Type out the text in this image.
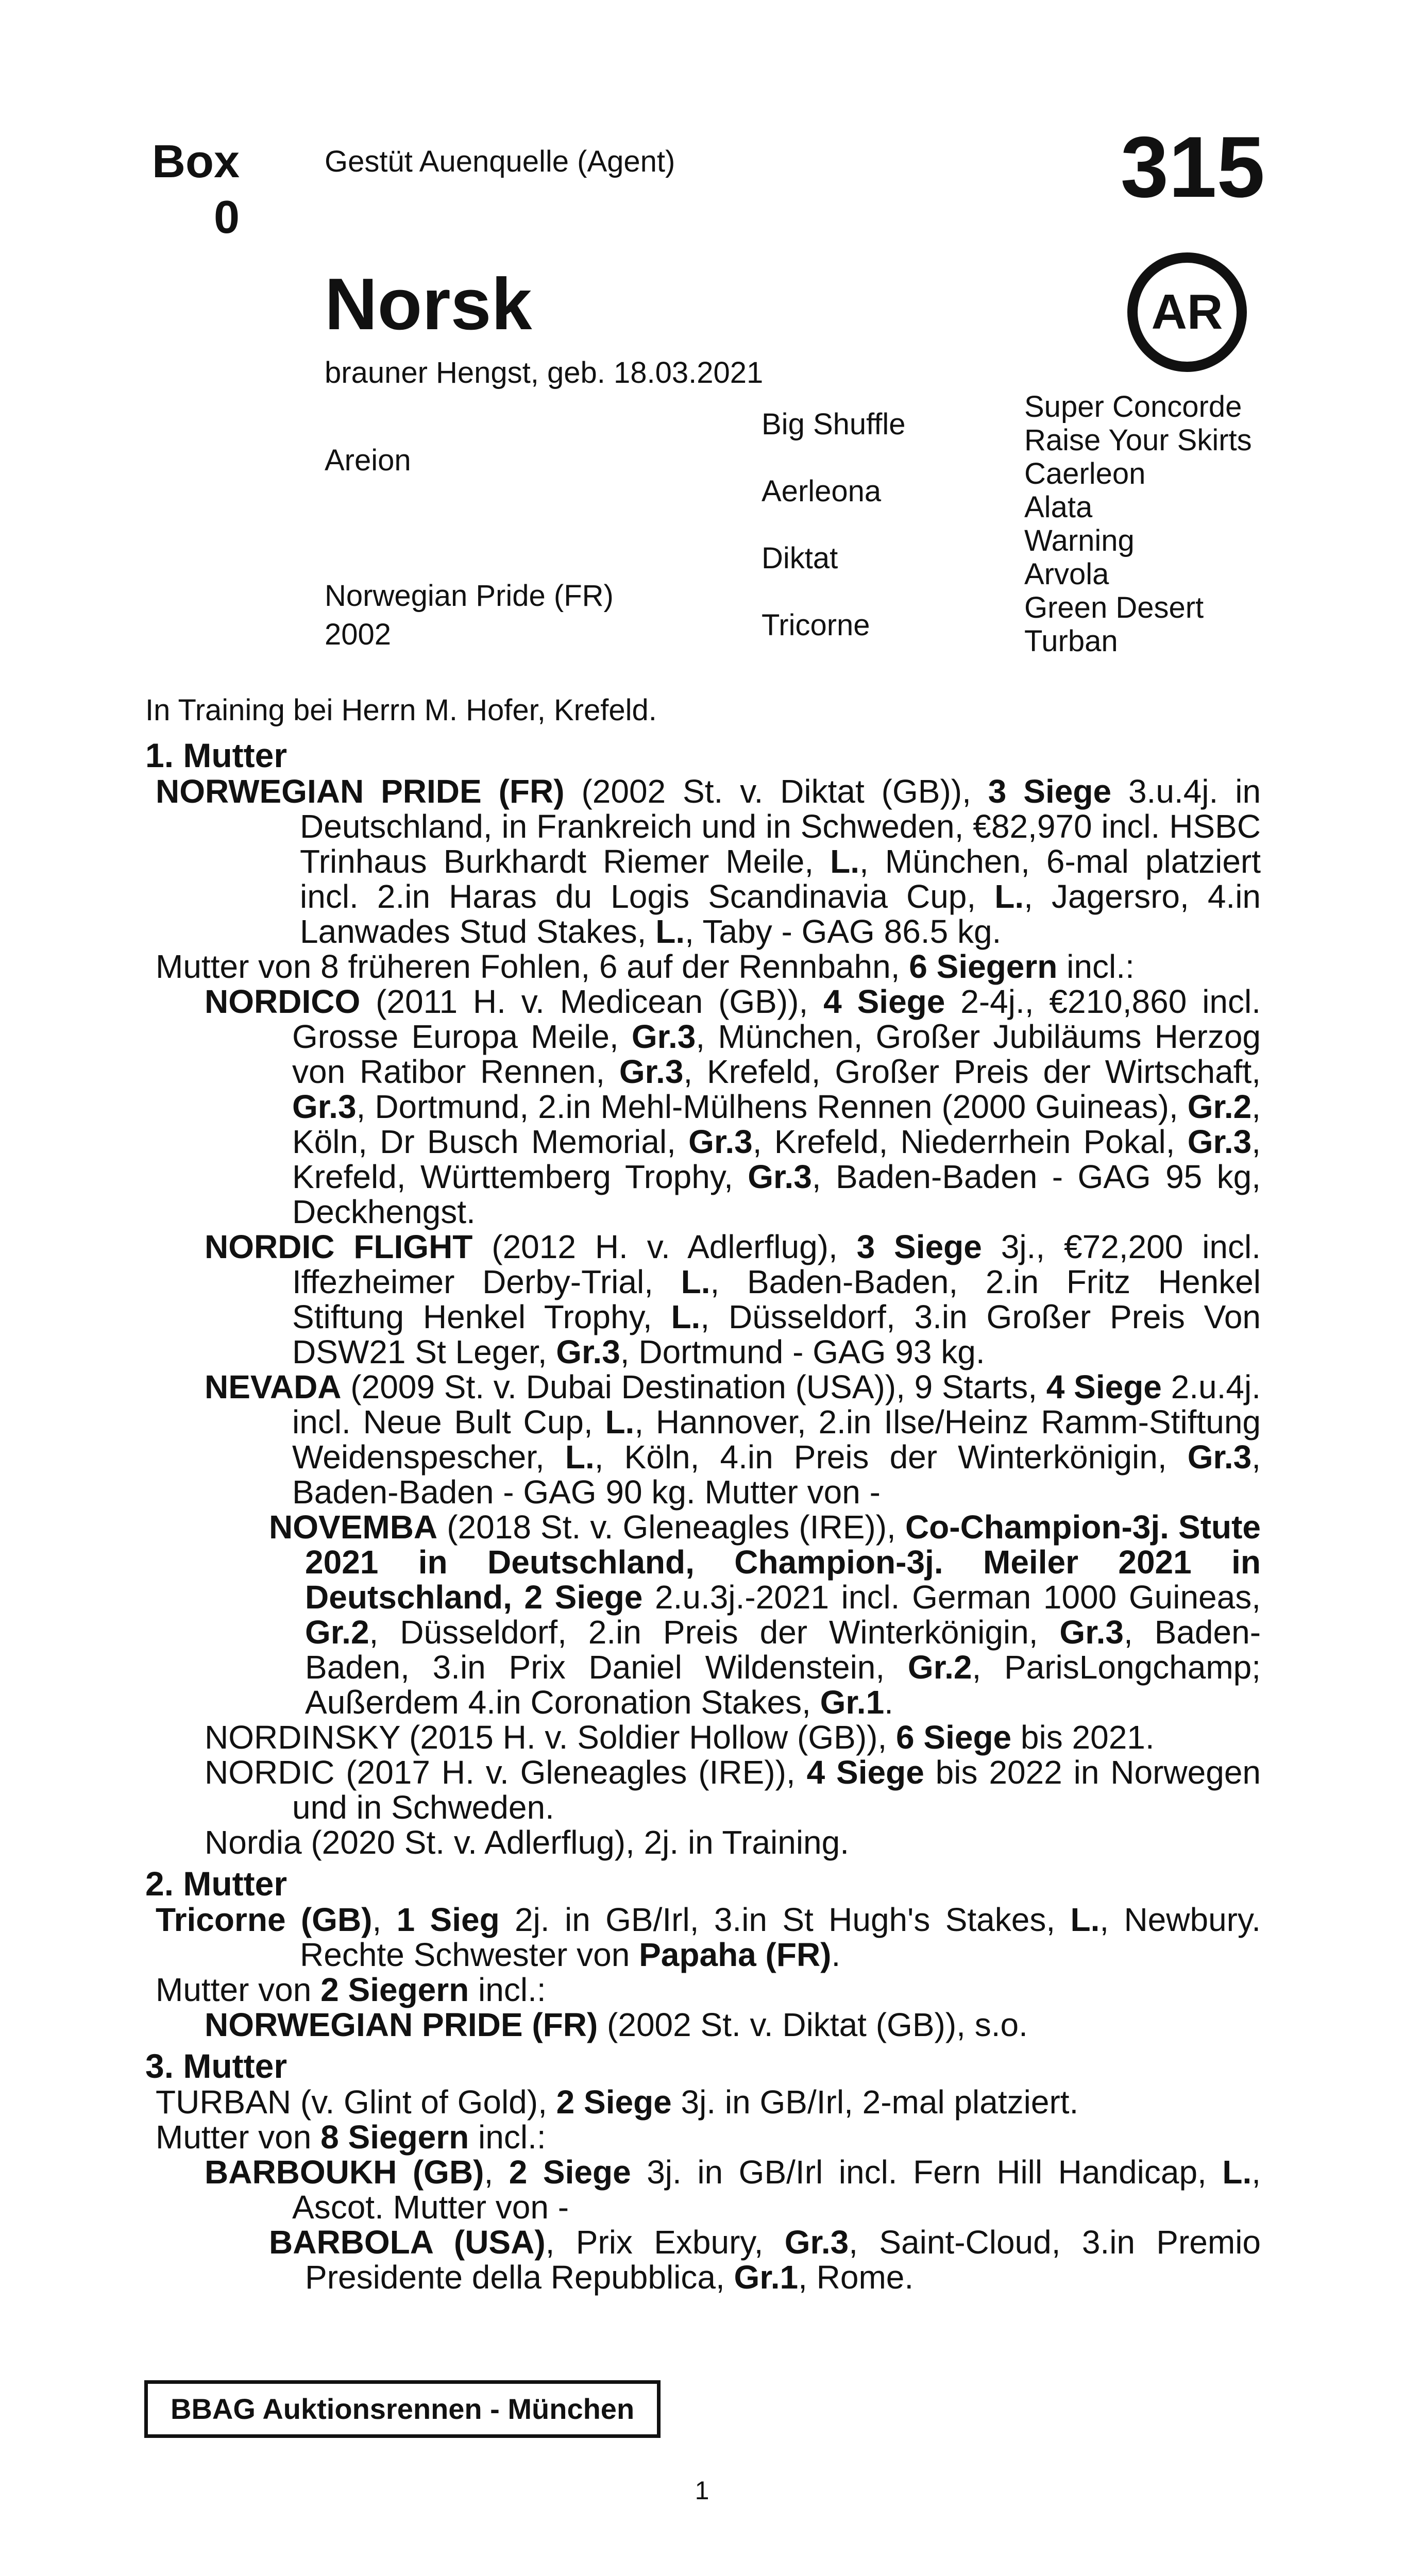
Box
0
Gestüt Auenquelle (Agent)	315
AR
Norsk
brauner Hengst, geb. 18.03.2021
Areion
Norwegian Pride (FR)
2002
Big Shuffle
Aerleona
Diktat
Tricorne
Super Concorde
Raise Your Skirts
Caerleon
Alata
Warning
Arvola
Green Desert
Turban
In Training bei Herrn M. Hofer, Krefeld.
1. Mutter
NORWEGIAN PRIDE (FR) (2002 St. v. Diktat (GB)), 3 Siege 3.u.4j. in Deutschland, in Frankreich und in Schweden, €82,970 incl. HSBC Trinhaus Burkhardt Riemer Meile, L., München, 6-mal platziert incl. 2.in Haras du Logis Scandinavia Cup, L., Jagersro, 4.in Lanwades Stud Stakes, L., Taby - GAG 86.5 kg.
Mutter von 8 früheren Fohlen, 6 auf der Rennbahn, 6 Siegern incl.:
NORDICO (2011 H. v. Medicean (GB)), 4 Siege 2-4j., €210,860 incl. Grosse Europa Meile, Gr.3, München, Großer Jubiläums Herzog von Ratibor Rennen, Gr.3, Krefeld, Großer Preis der Wirtschaft, Gr.3, Dortmund, 2.in Mehl-Mülhens Rennen (2000 Guineas), Gr.2, Köln, Dr Busch Memorial, Gr.3, Krefeld, Niederrhein Pokal, Gr.3, Krefeld, Württemberg Trophy, Gr.3, Baden-Baden - GAG 95 kg, Deckhengst.
NORDIC FLIGHT (2012 H. v. Adlerflug), 3 Siege 3j., €72,200 incl. Iffezheimer Derby-Trial, L., Baden-Baden, 2.in Fritz Henkel Stiftung Henkel Trophy, L., Düsseldorf, 3.in Großer Preis Von DSW21 St Leger, Gr.3, Dortmund - GAG 93 kg.
NEVADA (2009 St. v. Dubai Destination (USA)), 9 Starts, 4 Siege 2.u.4j. incl. Neue Bult Cup, L., Hannover, 2.in Ilse/Heinz Ramm-Stiftung Weidenspescher, L., Köln, 4.in Preis der Winterkönigin, Gr.3, Baden-Baden - GAG 90 kg. Mutter von -
NOVEMBA (2018 St. v. Gleneagles (IRE)), Co-Champion-3j. Stute 2021 in Deutschland, Champion-3j. Meiler 2021 in Deutschland, 2 Siege 2.u.3j.-2021 incl. German 1000 Guineas, Gr.2, Düsseldorf, 2.in Preis der Winterkönigin, Gr.3, Baden-Baden, 3.in Prix Daniel Wildenstein, Gr.2, ParisLongchamp; Außerdem 4.in Coronation Stakes, Gr.1.
NORDINSKY (2015 H. v. Soldier Hollow (GB)), 6 Siege bis 2021.
NORDIC (2017 H. v. Gleneagles (IRE)), 4 Siege bis 2022 in Norwegen und in Schweden.
Nordia (2020 St. v. Adlerflug), 2j. in Training.
2. Mutter
Tricorne (GB), 1 Sieg 2j. in GB/Irl, 3.in St Hugh's Stakes, L., Newbury. Rechte Schwester von Papaha (FR).
Mutter von 2 Siegern incl.:
NORWEGIAN PRIDE (FR) (2002 St. v. Diktat (GB)), s.o.
3. Mutter
TURBAN (v. Glint of Gold), 2 Siege 3j. in GB/Irl, 2-mal platziert.
Mutter von 8 Siegern incl.:
BARBOUKH (GB), 2 Siege 3j. in GB/Irl incl. Fern Hill Handicap, L., Ascot. Mutter von -
BARBOLA (USA), Prix Exbury, Gr.3, Saint-Cloud, 3.in Premio Presidente della Repubblica, Gr.1, Rome.
BBAG Auktionsrennen - München
1
